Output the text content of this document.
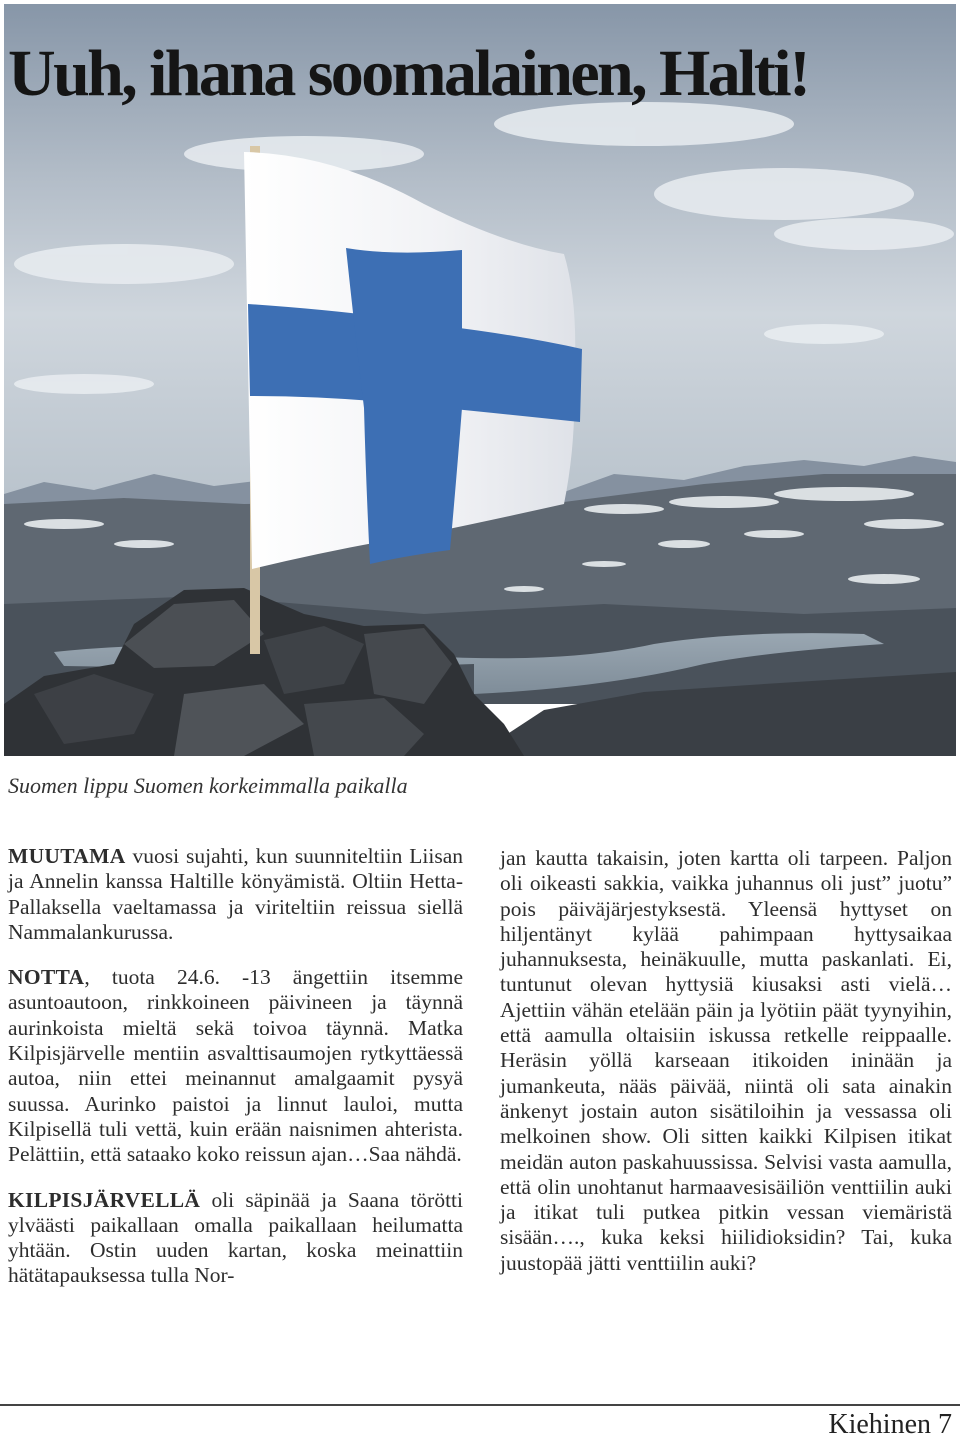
Uuh, ihana soomalainen, Halti!

Suomen lippu Suomen korkeimmalla paikalla

MUUTAMA vuosi sujahti, kun suunniteltiin Liisan ja Annelin kanssa Haltille könyämistä. Oltiin Hetta-Pallaksella vaeltamassa ja viriteltiin reissua siellä Nammalankurussa.

NOTTA, tuota 24.6. -13 ängettiin itsemme asuntoautoon, rinkkoineen päivineen ja täynnä aurinkoista mieltä sekä toivoa täynnä. Matka Kilpisjärvelle mentiin asvalttisaumojen rytkyttäessä autoa, niin ettei meinannut amalgaamit pysyä suussa. Aurinko paistoi ja linnut lauloi, mutta Kilpisellä tuli vettä, kuin erään naisnimen ahterista. Pelättiin, että sataako koko reissun ajan…Saa nähdä.

KILPISJÄRVELLÄ oli säpinää ja Saana törötti ylväästi paikallaan omalla paikallaan heilumatta yhtään. Ostin uuden kartan, koska meinattiin hätätapauksessa tulla Nor-

jan kautta takaisin, joten kartta oli tarpeen. Paljon oli oikeasti sakkia, vaikka juhannus oli just” juotu” pois päiväjärjestyksestä. Yleensä hyttyset on hiljentänyt kylää pahimpaan hyttysaikaa juhannuksesta, heinäkuulle, mutta paskanlati. Ei, tuntunut olevan hyttysiä kiusaksi asti vielä… Ajettiin vähän etelään päin ja lyötiin päät tyynyihin, että aamulla oltaisiin iskussa retkelle reippaalle. Heräsin yöllä karseaan itikoiden ininään ja jumankeuta, nääs päivää, niintä oli sata ainakin änkenyt jostain auton sisätiloihin ja vessassa oli melkoinen show. Oli sitten kaikki Kilpisen itikat meidän auton paskahuussissa. Selvisi vasta aamulla, että olin unohtanut harmaavesisäiliön venttiilin auki ja itikat tuli putkea pitkin vessan viemäristä sisään…., kuka keksi hiilidioksidin? Tai, kuka juustopää jätti venttiilin auki?

Kiehinen 7
